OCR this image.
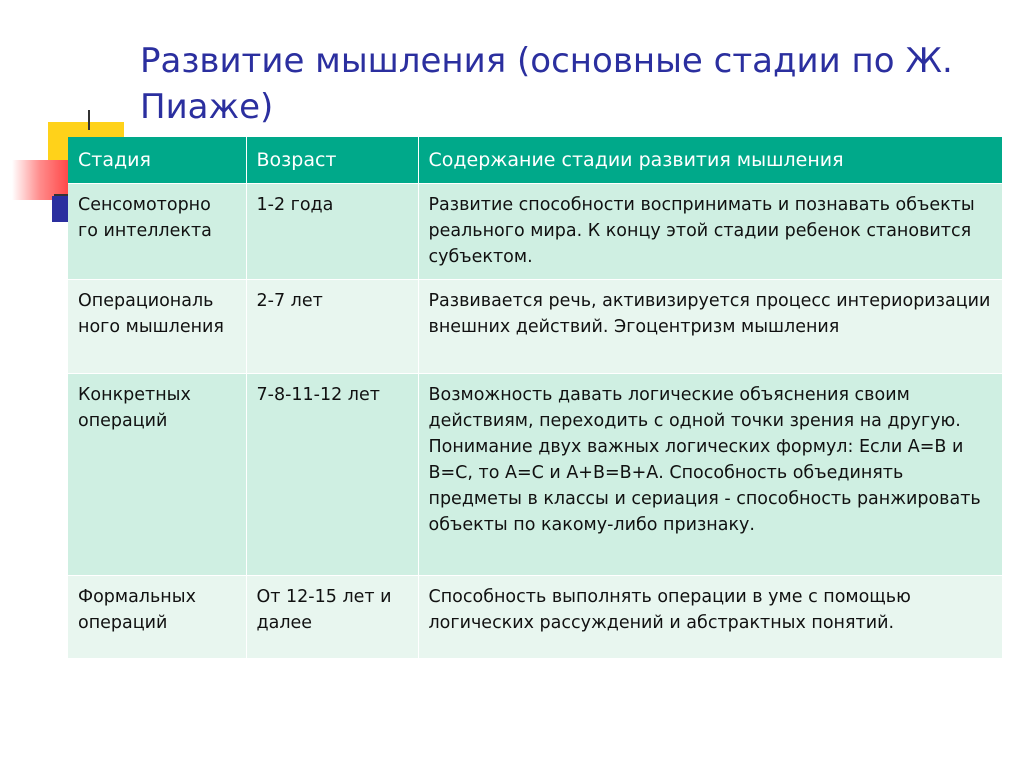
Развитие мышления (основные стадии по Ж. Пиаже)
Стадия	Возраст	Содержание стадии развития мышления
Сенсомоторно го интеллекта	1-2 года	Развитие способности воспринимать и познавать объекты реального мира. К концу этой стадии ребенок становится субъектом.
Операциональ ного мышления	2-7 лет	Развивается речь, активизируется процесс интериоризации внешних действий. Эгоцентризм мышления
Конкретных операций	7-8-11-12 лет	Возможность давать логические объяснения своим действиям, переходить с одной точки зрения на другую. Понимание двух важных логических формул: Если А=В и В=С, то А=С и А+В=В+А. Способность объединять предметы в классы и сериация - способность ранжировать объекты по какому-либо признаку.
Формальных операций	От 12-15 лет и далее	Способность выполнять операции в уме с помощью логических рассуждений и абстрактных понятий.
